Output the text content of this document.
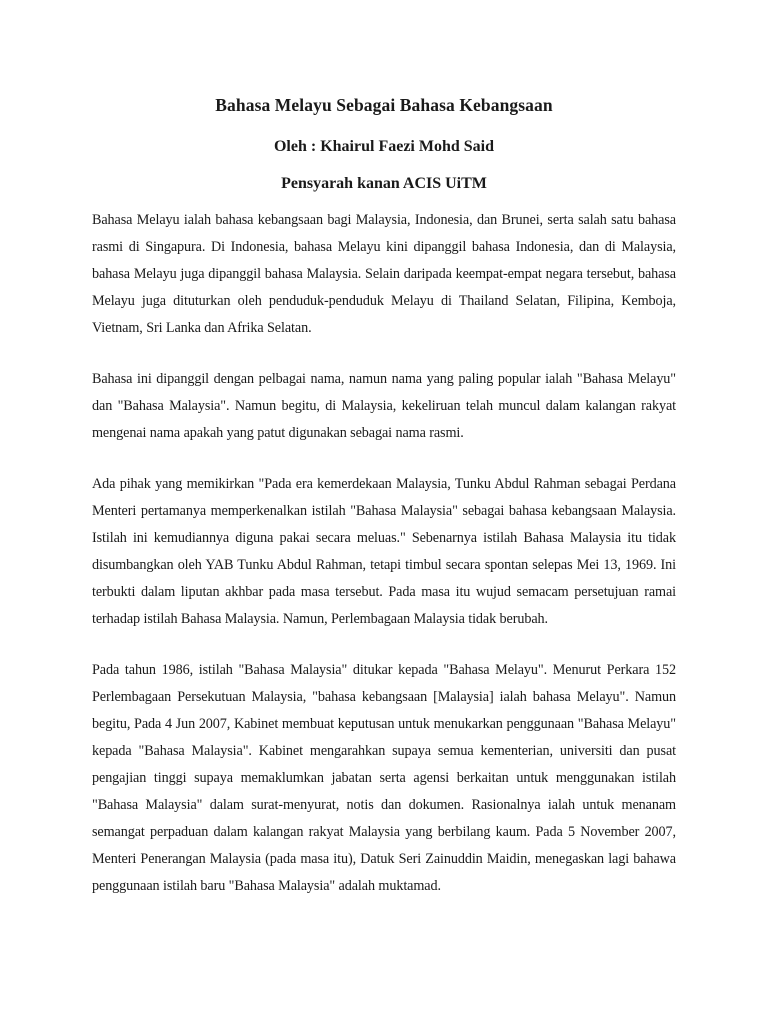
Bahasa Melayu Sebagai Bahasa Kebangsaan

Oleh : Khairul Faezi Mohd Said

Pensyarah kanan ACIS UiTM

Bahasa Melayu ialah bahasa kebangsaan bagi Malaysia, Indonesia, dan Brunei, serta salah satu bahasa rasmi di Singapura. Di Indonesia, bahasa Melayu kini dipanggil bahasa Indonesia, dan di Malaysia, bahasa Melayu juga dipanggil bahasa Malaysia. Selain daripada keempat-empat negara tersebut, bahasa Melayu juga dituturkan oleh penduduk-penduduk Melayu di Thailand Selatan, Filipina, Kemboja, Vietnam, Sri Lanka dan Afrika Selatan.

Bahasa ini dipanggil dengan pelbagai nama, namun nama yang paling popular ialah "Bahasa Melayu" dan "Bahasa Malaysia". Namun begitu, di Malaysia, kekeliruan telah muncul dalam kalangan rakyat mengenai nama apakah yang patut digunakan sebagai nama rasmi.

Ada pihak yang memikirkan "Pada era kemerdekaan Malaysia, Tunku Abdul Rahman sebagai Perdana Menteri pertamanya memperkenalkan istilah "Bahasa Malaysia" sebagai bahasa kebangsaan Malaysia. Istilah ini kemudiannya diguna pakai secara meluas." Sebenarnya istilah Bahasa Malaysia itu tidak disumbangkan oleh YAB Tunku Abdul Rahman, tetapi timbul secara spontan selepas Mei 13, 1969. Ini terbukti dalam liputan akhbar pada masa tersebut. Pada masa itu wujud semacam persetujuan ramai terhadap istilah Bahasa Malaysia. Namun, Perlembagaan Malaysia tidak berubah.

Pada tahun 1986, istilah "Bahasa Malaysia" ditukar kepada "Bahasa Melayu". Menurut Perkara 152 Perlembagaan Persekutuan Malaysia, "bahasa kebangsaan [Malaysia] ialah bahasa Melayu". Namun begitu, Pada 4 Jun 2007, Kabinet membuat keputusan untuk menukarkan penggunaan "Bahasa Melayu" kepada "Bahasa Malaysia". Kabinet mengarahkan supaya semua kementerian, universiti dan pusat pengajian tinggi supaya memaklumkan jabatan serta agensi berkaitan untuk menggunakan istilah "Bahasa Malaysia" dalam surat-menyurat, notis dan dokumen. Rasionalnya ialah untuk menanam semangat perpaduan dalam kalangan rakyat Malaysia yang berbilang kaum. Pada 5 November 2007, Menteri Penerangan Malaysia (pada masa itu), Datuk Seri Zainuddin Maidin, menegaskan lagi bahawa penggunaan istilah baru "Bahasa Malaysia" adalah muktamad.
